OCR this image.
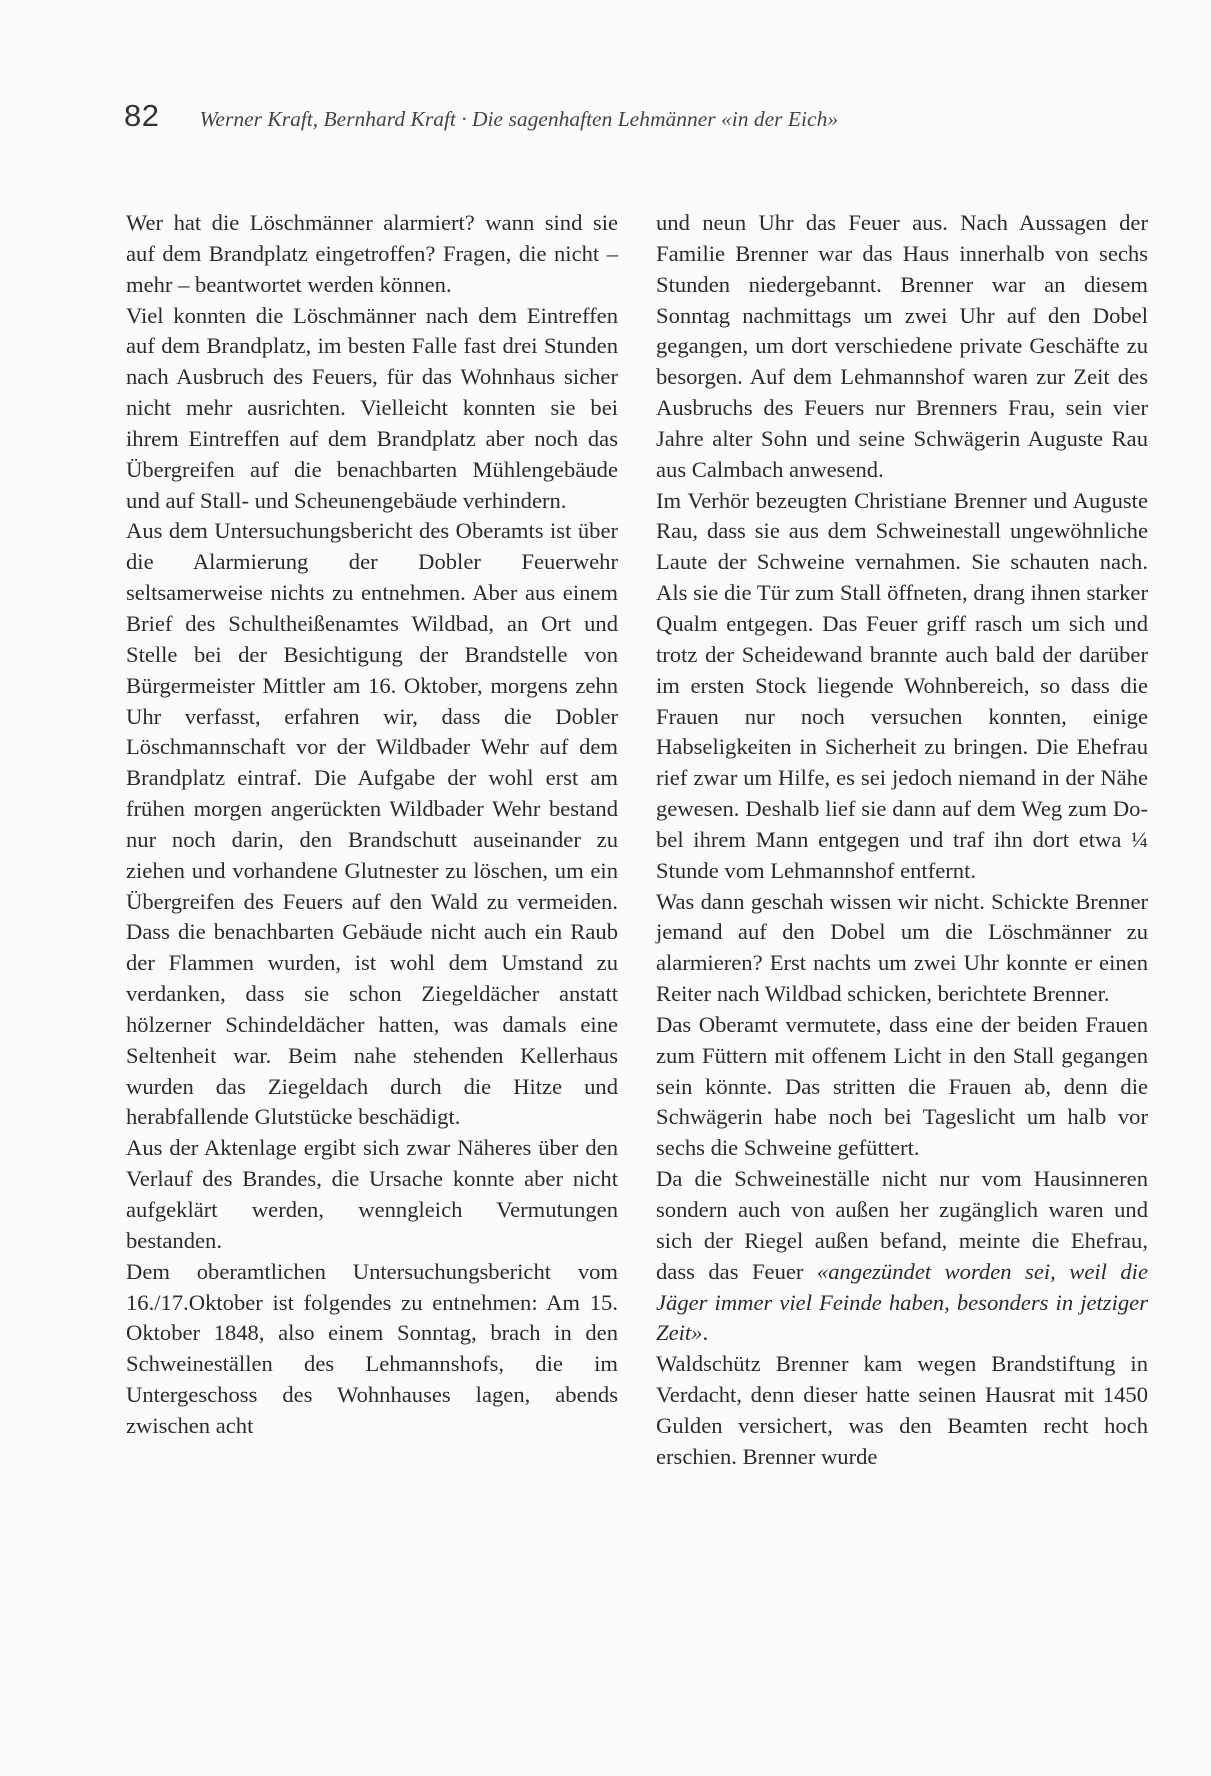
82 Werner Kraft, Bernhard Kraft · Die sagenhaften Lehmänner «in der Eich»

Wer hat die Löschmänner alarmiert? wann sind sie auf dem Brandplatz eingetroffen? Fragen, die nicht – mehr – beantwortet werden können.

Viel konnten die Löschmänner nach dem Eintreffen auf dem Brandplatz, im besten Falle fast drei Stunden nach Ausbruch des Feuers, für das Wohnhaus sicher nicht mehr ausrichten. Vielleicht konnten sie bei ihrem Eintreffen auf dem Brandplatz aber noch das Übergreifen auf die benachbarten Mühlengebäude und auf Stall- und Scheunengebäude verhindern.

Aus dem Untersuchungsbericht des Oberamts ist über die Alarmierung der Dobler Feuerwehr seltsamerweise nichts zu entnehmen. Aber aus einem Brief des Schultheißenamtes Wildbad, an Ort und Stelle bei der Besichtigung der Brandstelle von Bürgermeister Mittler am 16. Oktober, morgens zehn Uhr verfasst, erfahren wir, dass die Dobler Löschmannschaft vor der Wildbader Wehr auf dem Brandplatz eintraf. Die Aufgabe der wohl erst am frühen morgen angerückten Wildbader Wehr bestand nur noch darin, den Brandschutt auseinander zu ziehen und vorhandene Glutnester zu löschen, um ein Übergreifen des Feuers auf den Wald zu vermeiden. Dass die benachbarten Gebäude nicht auch ein Raub der Flammen wurden, ist wohl dem Umstand zu verdanken, dass sie schon Ziegeldächer anstatt hölzerner Schindeldächer hatten, was damals eine Seltenheit war. Beim nahe stehenden Kellerhaus wurden das Ziegeldach durch die Hitze und herabfallende Glutstücke beschädigt.

Aus der Aktenlage ergibt sich zwar Näheres über den Verlauf des Brandes, die Ursache konnte aber nicht aufgeklärt werden, wenngleich Vermutungen bestanden.

Dem oberamtlichen Untersuchungsbericht vom 16./17.Oktober ist folgendes zu entnehmen: Am 15. Oktober 1848, also einem Sonntag, brach in den Schweineställen des Lehmannshofs, die im Untergeschoss des Wohnhauses lagen, abends zwischen acht

und neun Uhr das Feuer aus. Nach Aussagen der Familie Brenner war das Haus innerhalb von sechs Stunden niedergebannt. Brenner war an diesem Sonntag nachmittags um zwei Uhr auf den Dobel gegangen, um dort verschiedene private Geschäfte zu besorgen. Auf dem Lehmannshof waren zur Zeit des Ausbruchs des Feuers nur Brenners Frau, sein vier Jahre alter Sohn und seine Schwägerin Auguste Rau aus Calmbach anwesend.

Im Verhör bezeugten Christiane Brenner und Auguste Rau, dass sie aus dem Schweinestall ungewöhnliche Laute der Schweine vernahmen. Sie schauten nach. Als sie die Tür zum Stall öffneten, drang ihnen starker Qualm entgegen. Das Feuer griff rasch um sich und trotz der Scheidewand brannte auch bald der darüber im ersten Stock liegende Wohnbereich, so dass die Frauen nur noch versuchen konnten, einige Habseligkeiten in Sicherheit zu bringen. Die Ehefrau rief zwar um Hilfe, es sei jedoch niemand in der Nähe gewesen. Deshalb lief sie dann auf dem Weg zum Dobel ihrem Mann entgegen und traf ihn dort etwa ¼ Stunde vom Lehmannshof entfernt.

Was dann geschah wissen wir nicht. Schickte Brenner jemand auf den Dobel um die Löschmänner zu alarmieren? Erst nachts um zwei Uhr konnte er einen Reiter nach Wildbad schicken, berichtete Brenner.

Das Oberamt vermutete, dass eine der beiden Frauen zum Füttern mit offenem Licht in den Stall gegangen sein könnte. Das stritten die Frauen ab, denn die Schwägerin habe noch bei Tageslicht um halb vor sechs die Schweine gefüttert.

Da die Schweineställe nicht nur vom Hausinneren sondern auch von außen her zugänglich waren und sich der Riegel außen befand, meinte die Ehefrau, dass das Feuer «angezündet worden sei, weil die Jäger immer viel Feinde haben, besonders in jetziger Zeit».

Waldschütz Brenner kam wegen Brandstiftung in Verdacht, denn dieser hatte seinen Hausrat mit 1450 Gulden versichert, was den Beamten recht hoch erschien. Brenner wurde
